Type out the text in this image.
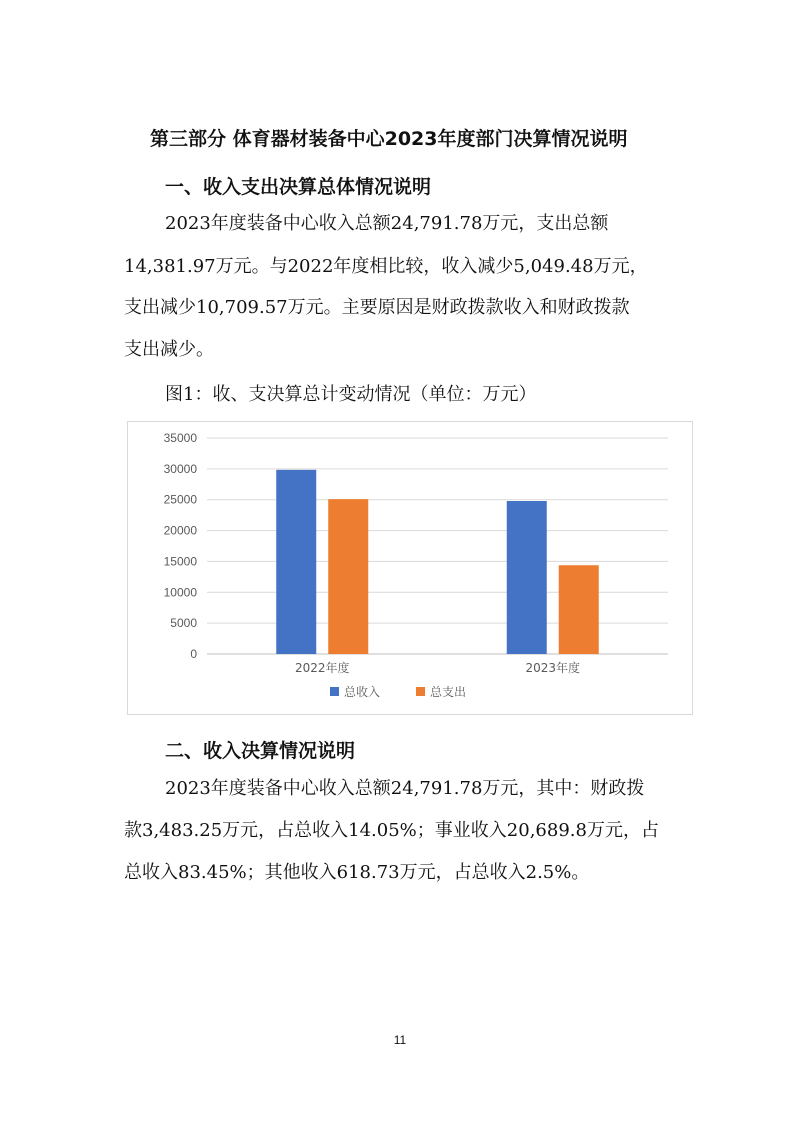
第三部分 体育器材装备中心2023年度部门决算情况说明
一、收入支出决算总体情况说明
2023年度装备中心收入总额24,791.78万元，支出总额
14,381.97万元。与2022年度相比较，收入减少5,049.48万元，
支出减少10,709.57万元。主要原因是财政拨款收入和财政拨款
支出减少。
图1：收、支决算总计变动情况（单位：万元）
0
5000
10000
15000
20000
25000
30000
35000
2022年度	2023年度
总收入	总支出
二、收入决算情况说明
2023年度装备中心收入总额24,791.78万元，其中：财政拨
款3,483.25万元，占总收入14.05%；事业收入20,689.8万元，占
总收入83.45%；其他收入618.73万元，占总收入2.5%。
11
